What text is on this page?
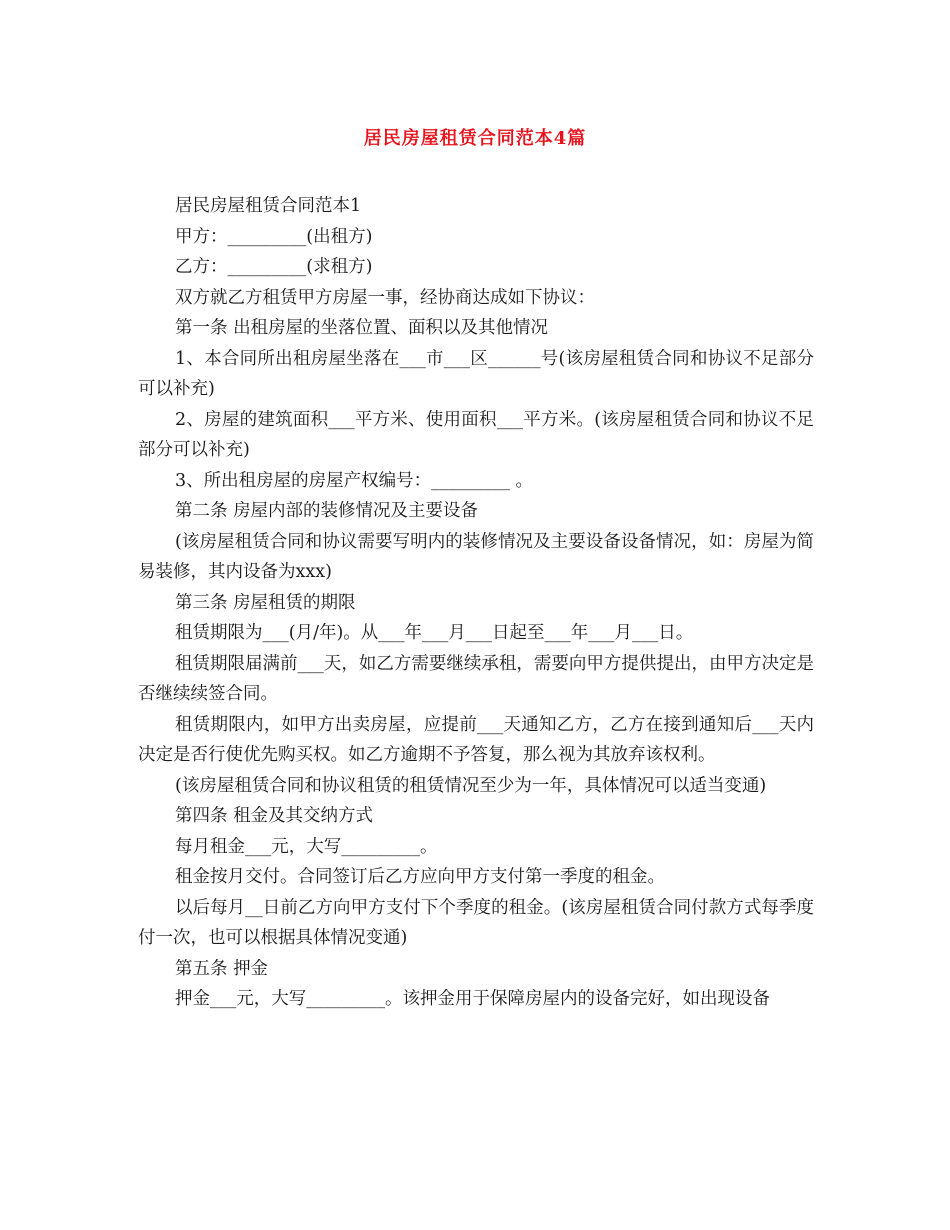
居民房屋租赁合同范本4篇

居民房屋租赁合同范本1

甲方：_________(出租方)

乙方：_________(求租方)

双方就乙方租赁甲方房屋一事，经协商达成如下协议：

第一条 出租房屋的坐落位置、面积以及其他情况

1、本合同所出租房屋坐落在___市___区______号(该房屋租赁合同和协议不足部分可以补充)

2、房屋的建筑面积___平方米、使用面积___平方米。(该房屋租赁合同和协议不足部分可以补充)

3、所出租房屋的房屋产权编号：_________ 。

第二条 房屋内部的装修情况及主要设备

(该房屋租赁合同和协议需要写明内的装修情况及主要设备设备情况，如：房屋为简易装修，其内设备为xxx)

第三条 房屋租赁的期限

租赁期限为___(月/年)。从___年___月___日起至___年___月___日。

租赁期限届满前___天，如乙方需要继续承租，需要向甲方提供提出，由甲方决定是否继续续签合同。

租赁期限内，如甲方出卖房屋，应提前___天通知乙方，乙方在接到通知后___天内决定是否行使优先购买权。如乙方逾期不予答复，那么视为其放弃该权利。

(该房屋租赁合同和协议租赁的租赁情况至少为一年，具体情况可以适当变通)

第四条 租金及其交纳方式

每月租金___元，大写_________。

租金按月交付。合同签订后乙方应向甲方支付第一季度的租金。

以后每月__日前乙方向甲方支付下个季度的租金。(该房屋租赁合同付款方式每季度付一次，也可以根据具体情况变通)

第五条 押金

押金___元，大写_________。该押金用于保障房屋内的设备完好，如出现设备
